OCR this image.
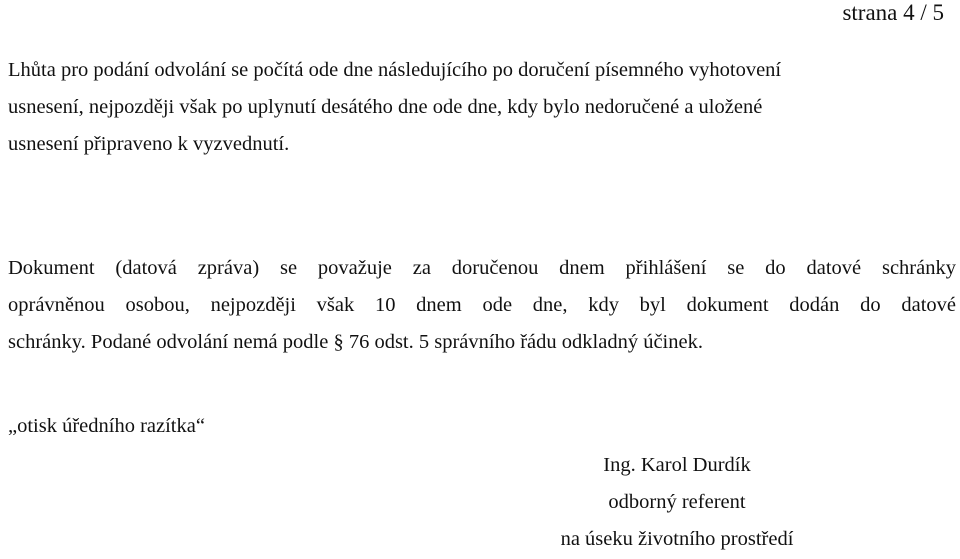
strana 4 / 5
Lhůta pro podání odvolání se počítá ode dne následujícího po doručení písemného vyhotovení
usnesení, nejpozději však po uplynutí desátého dne ode dne, kdy bylo nedoručené a uložené
usnesení připraveno k vyzvednutí.
Dokument (datová zpráva) se považuje za doručenou dnem přihlášení se do datové schránky
oprávněnou osobou, nejpozději však 10 dnem ode dne, kdy byl dokument dodán do datové
schránky. Podané odvolání nemá podle § 76 odst. 5 správního řádu odkladný účinek.
„otisk úředního razítka“
Ing. Karol Durdík
odborný referent
na úseku životního prostředí
